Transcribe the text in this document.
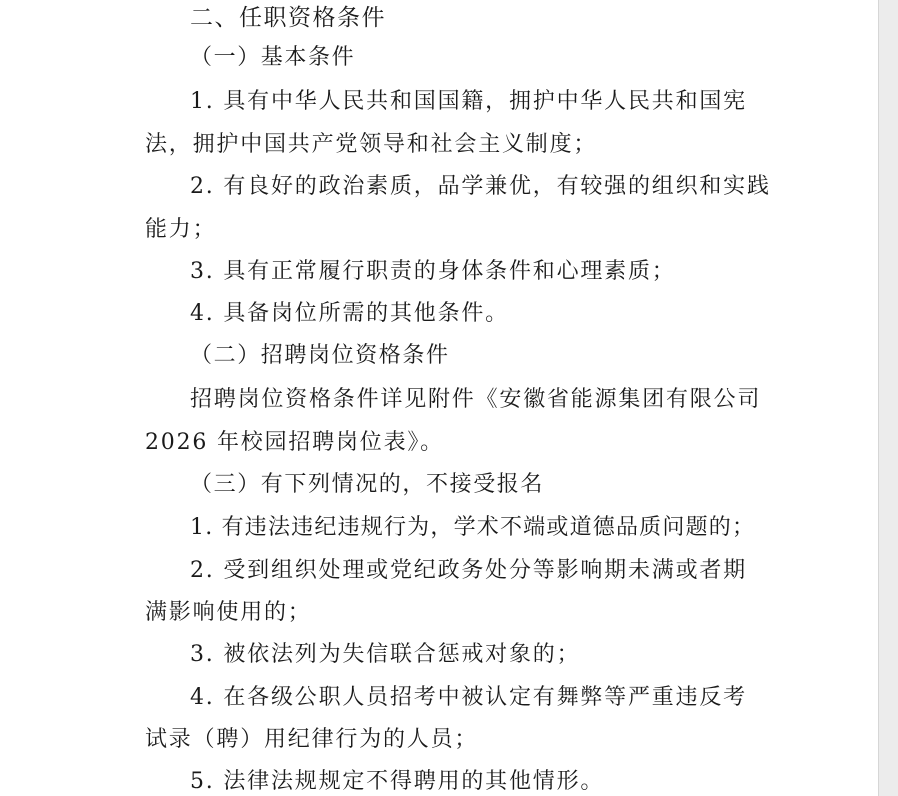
二、任职资格条件

（一）基本条件

1. 具有中华人民共和国国籍，拥护中华人民共和国宪

法，拥护中国共产党领导和社会主义制度；

2. 有良好的政治素质，品学兼优，有较强的组织和实践

能力；

3. 具有正常履行职责的身体条件和心理素质；

4. 具备岗位所需的其他条件。

（二）招聘岗位资格条件

招聘岗位资格条件详见附件《安徽省能源集团有限公司

2026 年校园招聘岗位表》。

（三）有下列情况的，不接受报名

1. 有违法违纪违规行为，学术不端或道德品质问题的；

2. 受到组织处理或党纪政务处分等影响期未满或者期

满影响使用的；

3. 被依法列为失信联合惩戒对象的；

4. 在各级公职人员招考中被认定有舞弊等严重违反考

试录（聘）用纪律行为的人员；

5. 法律法规规定不得聘用的其他情形。
